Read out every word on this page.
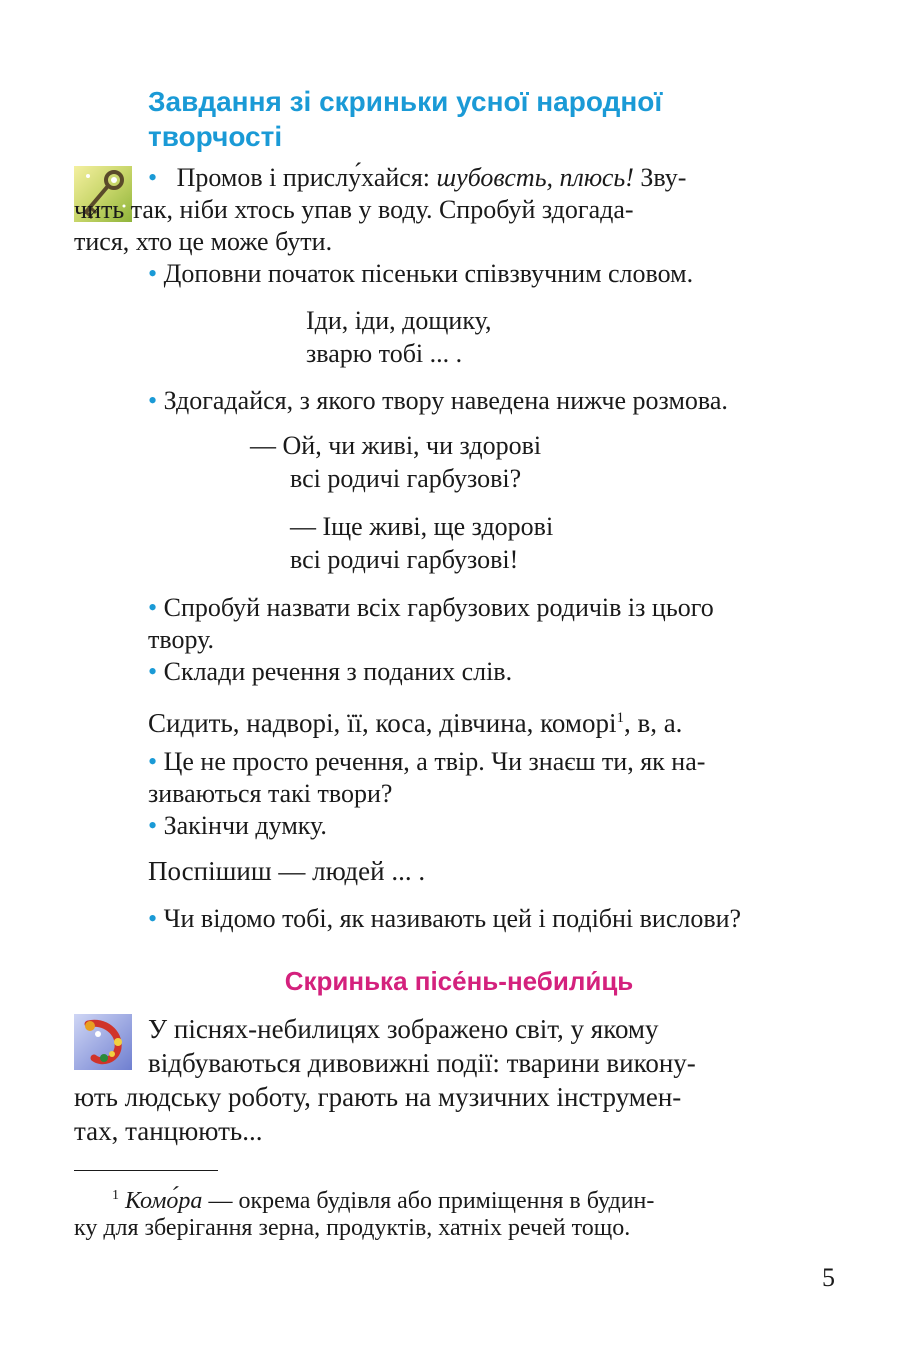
Завдання зі скриньки усної народної
творчості
• Промов і прислу́хайся: шубовсть, плюсь! Зву-
чить так, ніби хтось упав у воду. Спробуй здогада-
тися, хто це може бути.
• Доповни початок пісеньки співзвучним словом.
Іди, іди, дощику,
зварю тобі ... .
• Здогадайся, з якого твору наведена нижче розмова.
— Ой, чи живі, чи здорові
всі родичі гарбузові?
— Іще живі, ще здорові
всі родичі гарбузові!
• Спробуй назвати всіх гарбузових родичів із цього
твору.
• Склади речення з поданих слів.
Сидить, надворі, її, коса, дівчина, коморі$^1$, в, а.
• Це не просто речення, а твір. Чи знаєш ти, як на-
зиваються такі твори?
• Закінчи думку.
Поспішиш — людей ... .
• Чи відомо тобі, як називають цей і подібні вислови?
Скринька пісе́нь-небили́ць
У піснях-небилицях зображено світ, у якому
відбуваються дивовижні події: тварини виконy-
ють людську роботу, грають на музичних інструмен-
тах, танцюють...
$^1$ Комо́ра — окрема будівля або приміщення в будин-
ку для зберігання зерна, продуктів, хатніх речей тощо.
5
